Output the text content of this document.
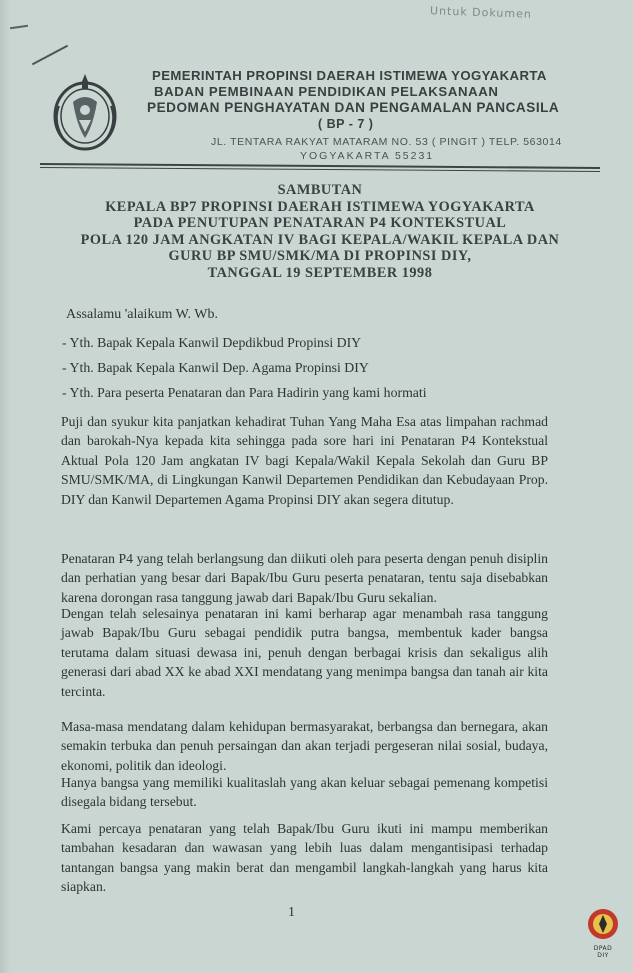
Untuk Dokumen
PEMERINTAH PROPINSI DAERAH ISTIMEWA YOGYAKARTA
BADAN PEMBINAAN PENDIDIKAN PELAKSANAAN
PEDOMAN PENGHAYATAN DAN PENGAMALAN PANCASILA
( BP - 7 )
JL. TENTARA RAKYAT MATARAM NO. 53 ( PINGIT ) TELP. 563014
YOGYAKARTA 55231
SAMBUTAN
KEPALA BP7 PROPINSI DAERAH ISTIMEWA YOGYAKARTA
PADA PENUTUPAN PENATARAN P4 KONTEKSTUAL
POLA 120 JAM ANGKATAN IV BAGI KEPALA/WAKIL KEPALA DAN
GURU BP SMU/SMK/MA DI PROPINSI DIY,
TANGGAL 19 SEPTEMBER 1998
Assalamu 'alaikum W. Wb.
- Yth. Bapak Kepala Kanwil Depdikbud Propinsi DIY
- Yth. Bapak Kepala Kanwil Dep. Agama Propinsi DIY
- Yth. Para peserta Penataran dan Para Hadirin yang kami hormati
Puji dan syukur kita panjatkan kehadirat Tuhan Yang Maha Esa atas limpahan rachmad dan barokah-Nya kepada kita sehingga pada sore hari ini Penataran P4 Kontekstual Aktual Pola 120 Jam angkatan IV bagi Kepala/Wakil Kepala Sekolah dan Guru BP SMU/SMK/MA, di Lingkungan Kanwil Departemen Pendidikan dan Kebudayaan Prop. DIY dan Kanwil Departemen Agama Propinsi DIY akan segera ditutup.
Penataran P4 yang telah berlangsung dan diikuti oleh para peserta dengan penuh disiplin dan perhatian yang besar dari Bapak/Ibu Guru peserta penataran, tentu saja disebabkan karena dorongan rasa tanggung jawab dari Bapak/Ibu Guru sekalian.
Dengan telah selesainya penataran ini kami berharap agar menambah rasa tanggung jawab Bapak/Ibu Guru sebagai pendidik putra bangsa, membentuk kader bangsa terutama dalam situasi dewasa ini, penuh dengan berbagai krisis dan sekaligus alih generasi dari abad XX ke abad XXI mendatang yang menimpa bangsa dan tanah air kita tercinta.
Masa-masa mendatang dalam kehidupan bermasyarakat, berbangsa dan bernegara, akan semakin terbuka dan penuh persaingan dan akan terjadi pergeseran nilai sosial, budaya, ekonomi, politik dan ideologi.
Hanya bangsa yang memiliki kualitaslah yang akan keluar sebagai pemenang kompetisi disegala bidang tersebut.
Kami percaya penataran yang telah Bapak/Ibu Guru ikuti ini mampu memberikan tambahan kesadaran dan wawasan yang lebih luas dalam mengantisipasi terhadap tantangan bangsa yang makin berat dan mengambil langkah-langkah yang harus kita siapkan.
1
DPAD DIY
